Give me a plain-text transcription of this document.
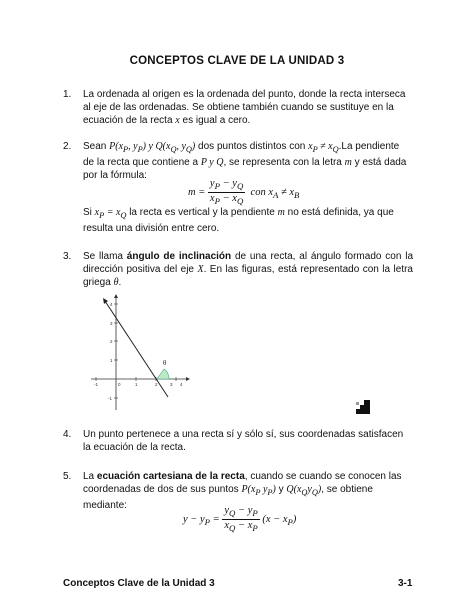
CONCEPTOS CLAVE DE LA UNIDAD 3
1. La ordenada al origen es la ordenada del punto, donde la recta interseca al eje de las ordenadas. Se obtiene también cuando se sustituye en la ecuación de la recta x es igual a cero.
2. Sean $P(x_P$, $y_P$) y $Q(x_Q$, $y_Q$) dos puntos distintos con $x_P \ne x_Q.La$ pendiente de la recta que contiene a P y Q, se representa con la letra m y está dada por la fórmula:
$m = \frac{y_P - y_Q}{x_P - x_Q}$ con $x_A \ne x_B$
Si $x_P = x_Q$ la recta es vertical y la pendiente m no está definida, ya que resulta una división entre cero.
3. Se llama ángulo de inclinación de una recta, al ángulo formado con la dirección positiva del eje X. En las figuras, está representado con la letra griega θ.
-1	0	1	2	3 4
4
3
2
1
-1
θ
4. Un punto pertenece a una recta sí y sólo sí, sus coordenadas satisfacen la ecuación de la recta.
5. La ecuación cartesiana de la recta, cuando se cuando se conocen las coordenadas de dos de sus puntos $P(x_P$ $y_P$) y $Q(x_Qy_Q)$, se obtiene mediante:
$y - y_P = \frac{y_Q - y_P}{x_Q - x_P} (x - x_P)$
Conceptos Clave de la Unidad 3	3-1
